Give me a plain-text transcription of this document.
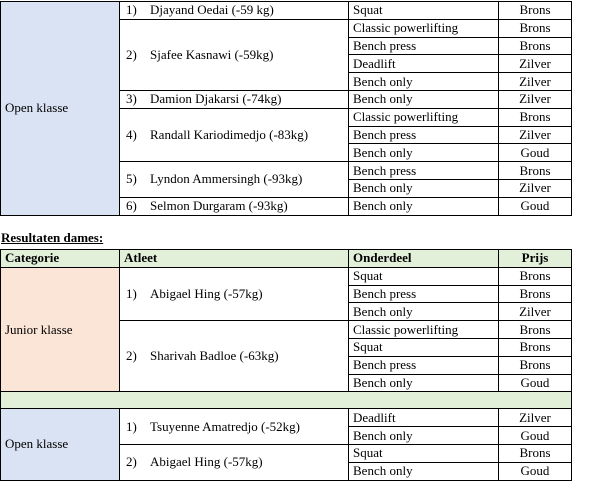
Open klasse	1) Djayand Oedai (-59 kg)	Squat	Brons
	2) Sjafee Kasnawi (-59kg)	Classic powerlifting	Brons
		Bench press	Brons
		Deadlift	Zilver
		Bench only	Zilver
	3) Damion Djakarsi (-74kg)	Bench only	Zilver
	4) Randall Kariodimedjo (-83kg)	Classic powerlifting	Brons
		Bench press	Zilver
		Bench only	Goud
	5) Lyndon Ammersingh (-93kg)	Bench press	Brons
		Bench only	Zilver
	6) Selmon Durgaram (-93kg)	Bench only	Goud
Resultaten dames:
Categorie	Atleet	Onderdeel	Prijs
Junior klasse	1) Abigael Hing (-57kg)	Squat	Brons
		Bench press	Brons
		Bench only	Zilver
	2) Sharivah Badloe (-63kg)	Classic powerlifting	Brons
		Squat	Brons
		Bench press	Brons
		Bench only	Goud

Open klasse	1) Tsuyenne Amatredjo (-52kg)	Deadlift	Zilver
		Bench only	Goud
	2) Abigael Hing (-57kg)	Squat	Brons
		Bench only	Goud
